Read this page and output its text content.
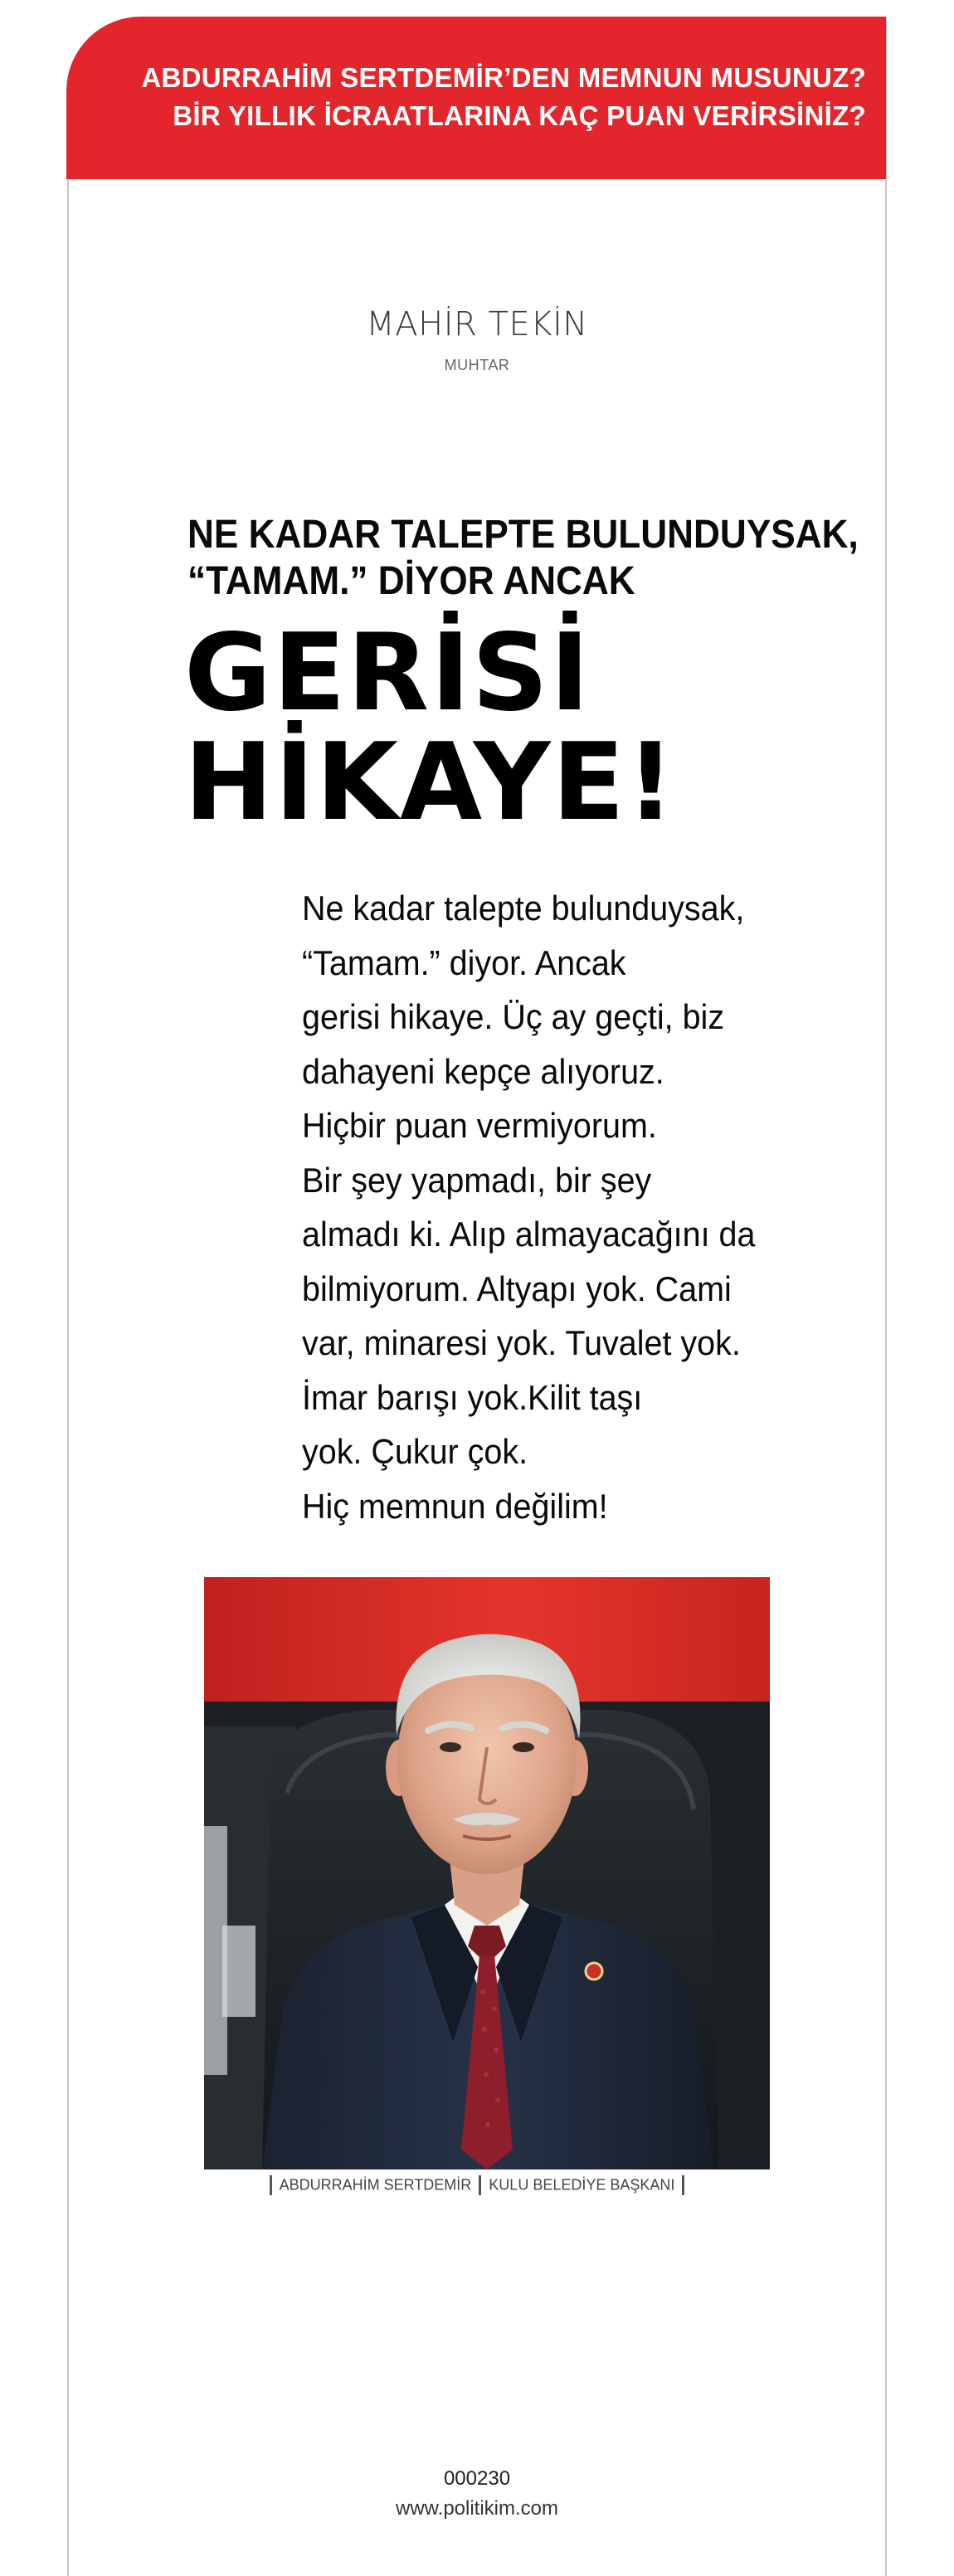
ABDURRAHİM SERTDEMİR’DEN MEMNUN MUSUNUZ?
BİR YILLIK İCRAATLARINA KAÇ PUAN VERİRSİNİZ?
MAHİR TEKİN
MUHTAR
NE KADAR TALEPTE BULUNDUYSAK,
“TAMAM.” DİYOR ANCAK
GERİSİ
HİKAYE!
Ne kadar talepte bulunduysak,
“Tamam.” diyor. Ancak
gerisi hikaye. Üç ay geçti, biz
dahayeni kepçe alıyoruz.
Hiçbir puan vermiyorum.
Bir şey yapmadı, bir şey
almadı ki. Alıp almayacağını da
bilmiyorum. Altyapı yok. Cami
var, minaresi yok. Tuvalet yok.
İmar barışı yok.Kilit taşı
yok. Çukur çok.
Hiç memnun değilim!
ABDURRAHİM SERTDEMİR KULU BELEDİYE BAŞKANI
000230
www.politikim.com
